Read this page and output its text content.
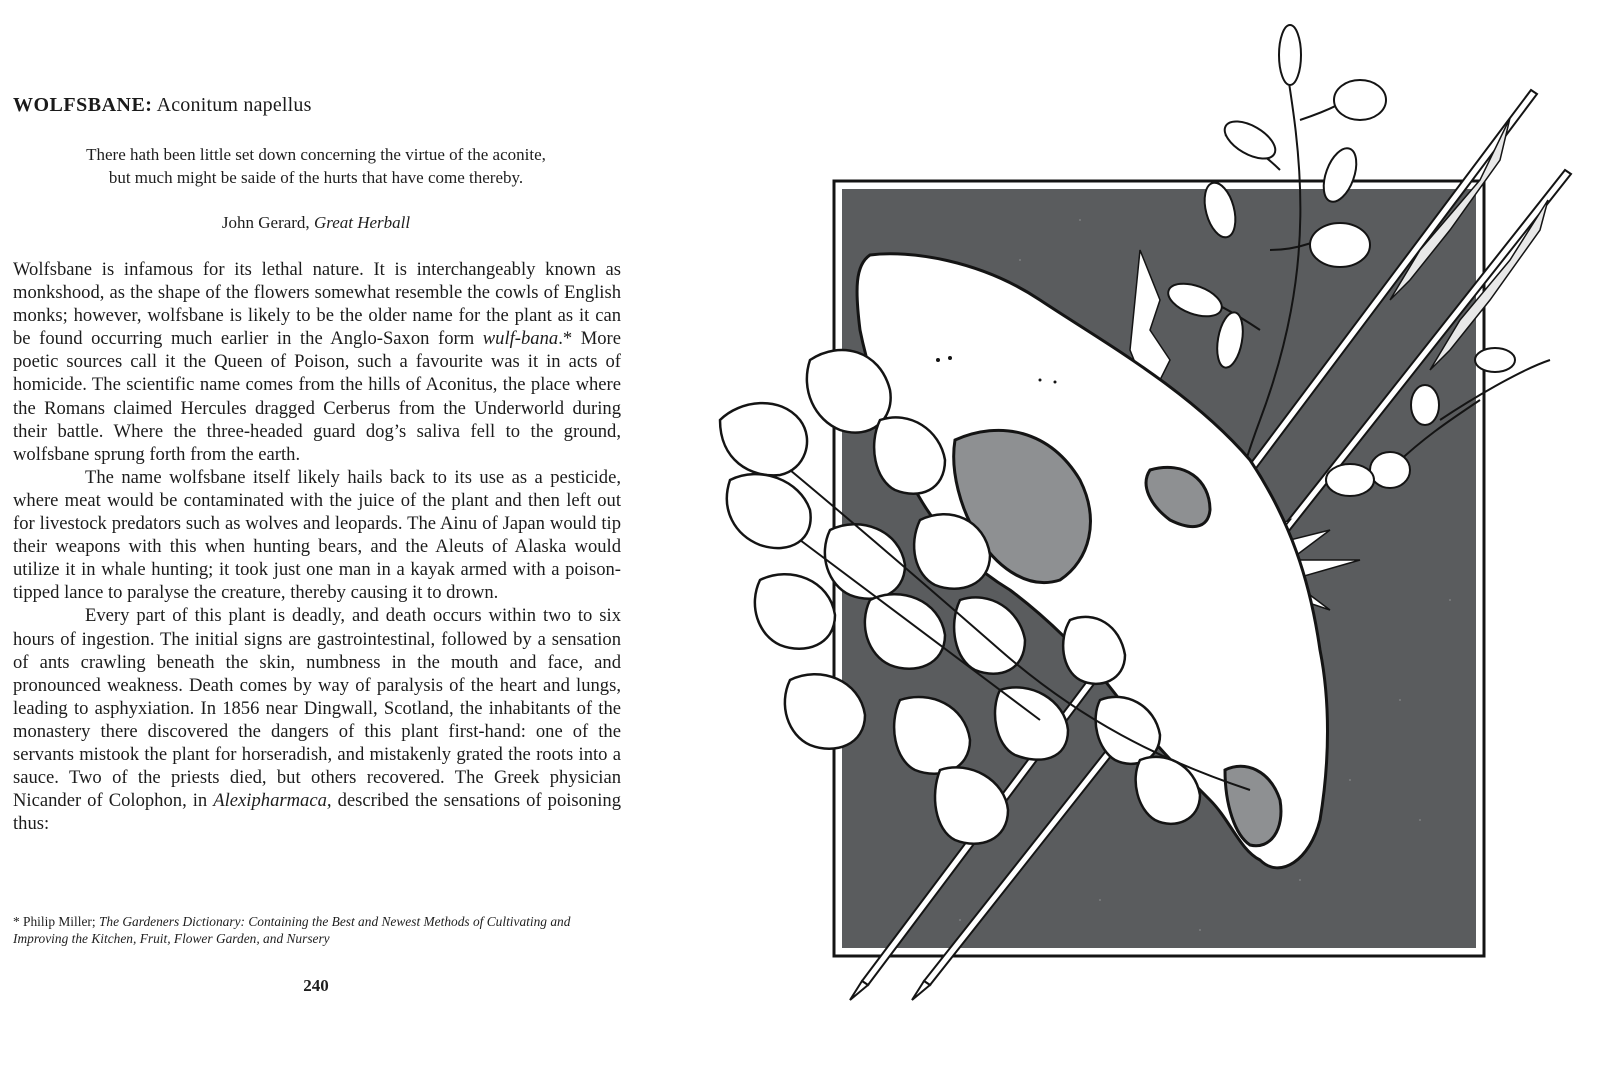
WOLFSBANE: Aconitum napellus
There hath been little set down concerning the virtue of the aconite,
but much might be saide of the hurts that have come thereby.
John Gerard, Great Herball

Wolfsbane is infamous for its lethal nature. It is interchangeably known as monkshood, as the shape of the flowers somewhat resemble the cowls of English monks; however, wolfsbane is likely to be the older name for the plant as it can be found occurring much earlier in the Anglo-Saxon form wulf-bana.* More poetic sources call it the Queen of Poison, such a favourite was it in acts of homicide. The scientific name comes from the hills of Aconitus, the place where the Romans claimed Hercules dragged Cerberus from the Underworld during their battle. Where the three-headed guard dog’s saliva fell to the ground, wolfsbane sprung forth from the earth.

The name wolfsbane itself likely hails back to its use as a pesticide, where meat would be contaminated with the juice of the plant and then left out for livestock predators such as wolves and leopards. The Ainu of Japan would tip their weapons with this when hunting bears, and the Aleuts of Alaska would utilize it in whale hunting; it took just one man in a kayak armed with a poison-tipped lance to paralyse the creature, thereby causing it to drown.

Every part of this plant is deadly, and death occurs within two to six hours of ingestion. The initial signs are gastrointestinal, followed by a sensation of ants crawling beneath the skin, numbness in the mouth and face, and pronounced weakness. Death comes by way of paralysis of the heart and lungs, leading to asphyxiation. In 1856 near Dingwall, Scotland, the inhabitants of the monastery there discovered the dangers of this plant first-hand: one of the servants mistook the plant for horseradish, and mistakenly grated the roots into a sauce. Two of the priests died, but others recovered. The Greek physician Nicander of Colophon, in Alexipharmaca, described the sensations of poisoning thus:

* Philip Miller; The Gardeners Dictionary: Containing the Best and Newest Methods of Cultivating and Improving the Kitchen, Fruit, Flower Garden, and Nursery
240
